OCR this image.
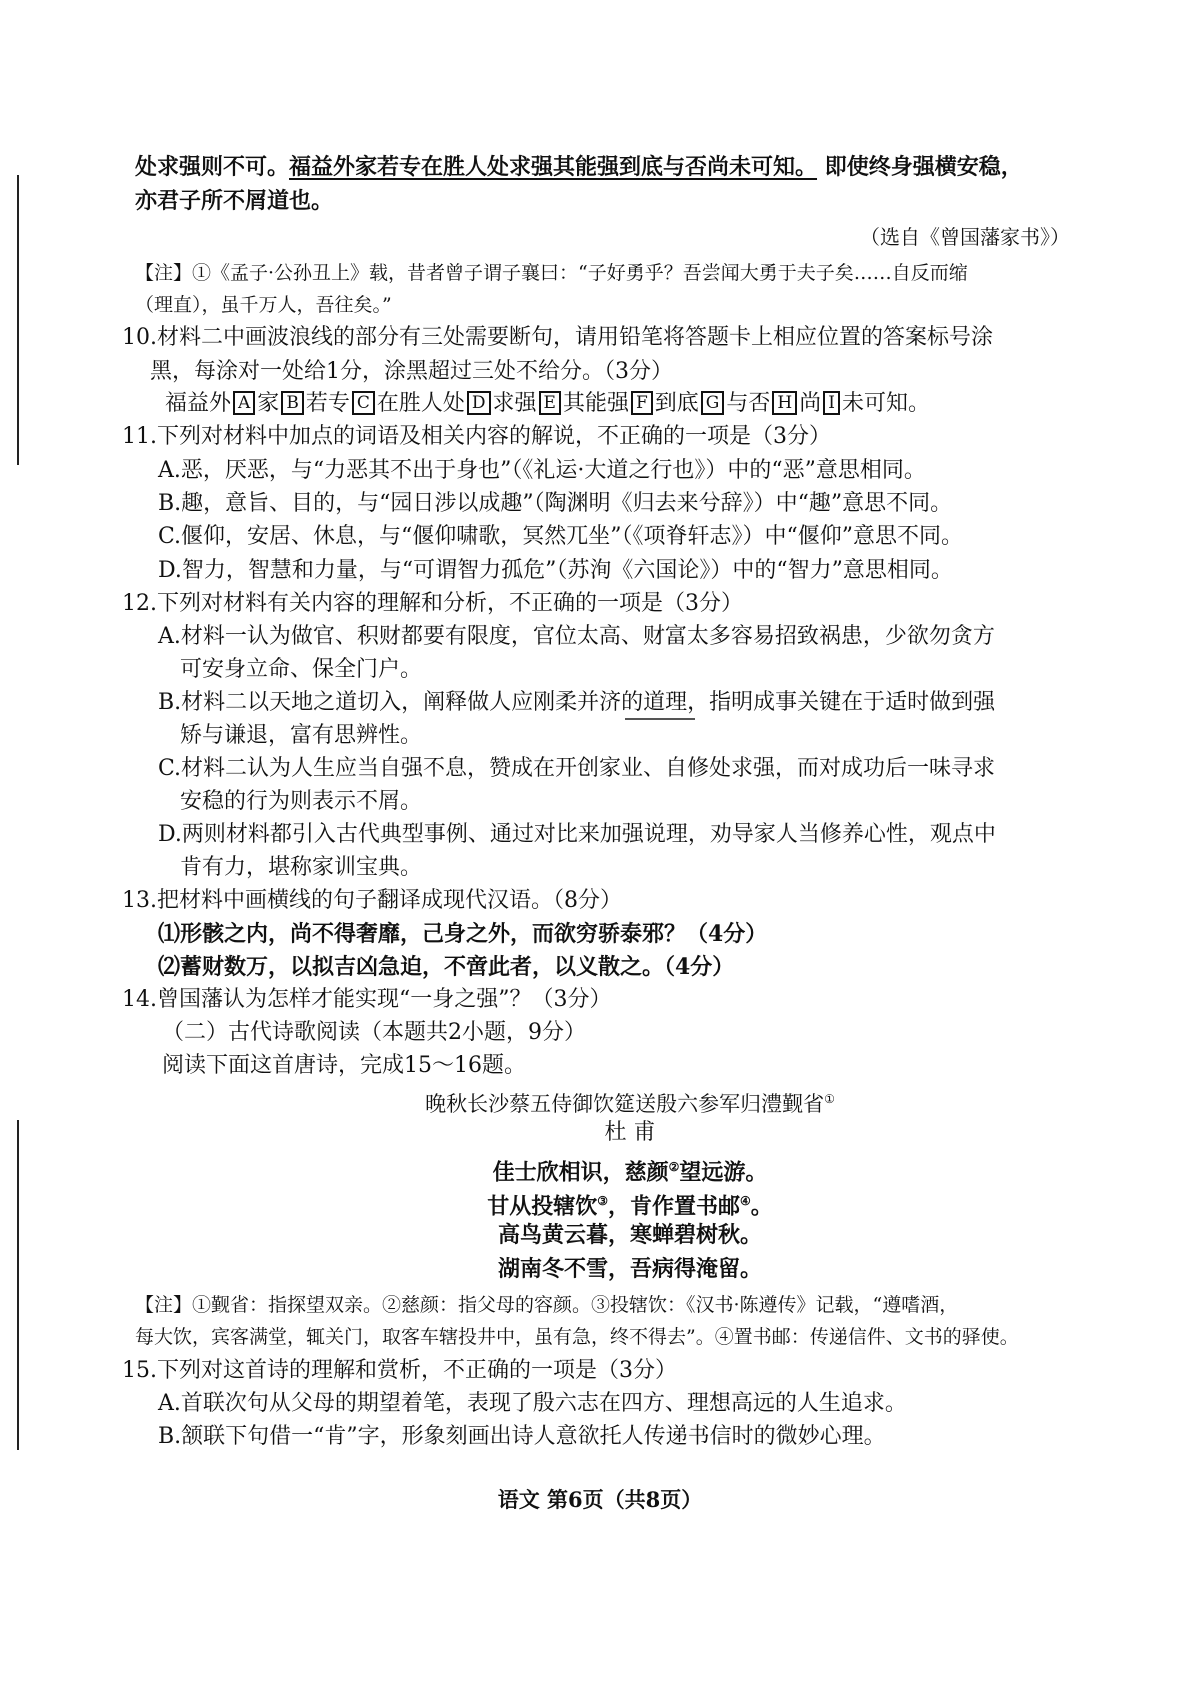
处求强则不可。福益外家若专在胜人处求强其能强到底与否尚未可知。 即使终身强横安稳，
亦君子所不屑道也。
（选自《曾国藩家书》）
【注】①《孟子·公孙丑上》载，昔者曾子谓子襄曰：“子好勇乎？吾尝闻大勇于夫子矣……自反而缩
（理直），虽千万人，吾往矣。”
10.材料二中画波浪线的部分有三处需要断句，请用铅笔将答题卡上相应位置的答案标号涂
黑，每涂对一处给1分，涂黑超过三处不给分。（3分）
福益外 A 家 B 若专 C 在胜人处 D 求强 E 其能强 F 到底 G 与否 H 尚 I 未可知。
11.下列对材料中加点的词语及相关内容的解说，不正确的一项是（3分）
A.恶，厌恶，与“力恶其不出于身也”（《礼运·大道之行也》）中的“恶”意思相同。
B.趣，意旨、目的，与“园日涉以成趣”（陶渊明《归去来兮辞》）中“趣”意思不同。
C.偃仰，安居、休息，与“偃仰啸歌，冥然兀坐”（《项脊轩志》）中“偃仰”意思不同。
D.智力，智慧和力量，与“可谓智力孤危”（苏洵《六国论》）中的“智力”意思相同。
12.下列对材料有关内容的理解和分析，不正确的一项是（3分）
A.材料一认为做官、积财都要有限度，官位太高、财富太多容易招致祸患，少欲勿贪方
可安身立命、保全门户。
B.材料二以天地之道切入，阐释做人应刚柔并济的道理，指明成事关键在于适时做到强
矫与谦退，富有思辨性。
C.材料二认为人生应当自强不息，赞成在开创家业、自修处求强，而对成功后一味寻求
安稳的行为则表示不屑。
D.两则材料都引入古代典型事例、通过对比来加强说理，劝导家人当修养心性，观点中
肯有力，堪称家训宝典。
13.把材料中画横线的句子翻译成现代汉语。（8分）
⑴形骸之内，尚不得奢靡，己身之外，而欲穷骄泰邪？（4分）
⑵蓄财数万，以拟吉凶急迫，不啻此者，以义散之。（4分）
14.曾国藩认为怎样才能实现“一身之强”？（3分）
（二）古代诗歌阅读（本题共2小题，9分）
阅读下面这首唐诗，完成15～16题。
晚秋长沙蔡五侍御饮筵送殷六参军归澧觐省①
杜 甫
佳士欣相识，慈颜②望远游。
甘从投辖饮③，肯作置书邮④。
高鸟黄云暮，寒蝉碧树秋。
湖南冬不雪，吾病得淹留。
【注】①觐省：指探望双亲。②慈颜：指父母的容颜。③投辖饮：《汉书·陈遵传》记载，“遵嗜酒，
每大饮，宾客满堂，辄关门，取客车辖投井中，虽有急，终不得去”。④置书邮：传递信件、文书的驿使。
15.下列对这首诗的理解和赏析，不正确的一项是（3分）
A.首联次句从父母的期望着笔，表现了殷六志在四方、理想高远的人生追求。
B.颔联下句借一“肯”字，形象刻画出诗人意欲托人传递书信时的微妙心理。
语文 第6页（共8页）
